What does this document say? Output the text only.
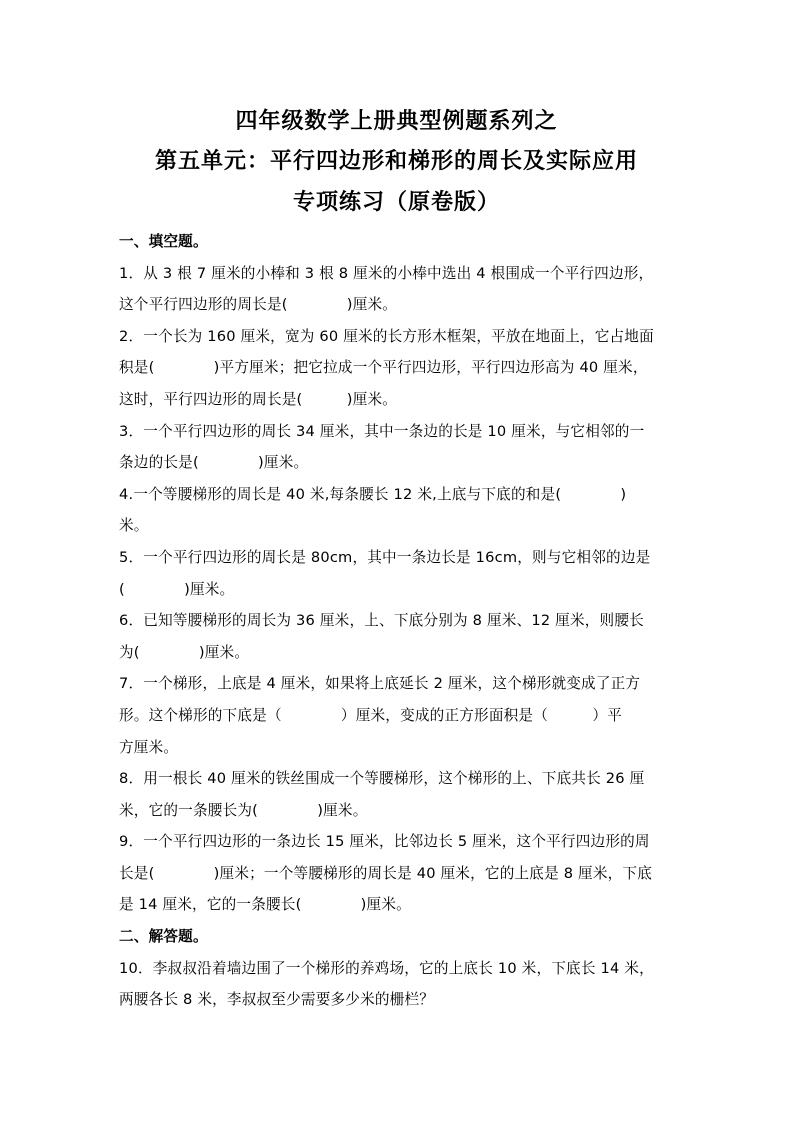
四年级数学上册典型例题系列之
第五单元：平行四边形和梯形的周长及实际应用
专项练习（原卷版）
一、填空题。
1．从 3 根 7 厘米的小棒和 3 根 8 厘米的小棒中选出 4 根围成一个平行四边形，
这个平行四边形的周长是(　　　　)厘米。
2．一个长为 160 厘米，宽为 60 厘米的长方形木框架，平放在地面上，它占地面
积是(　　　　)平方厘米；把它拉成一个平行四边形，平行四边形高为 40 厘米，
这时，平行四边形的周长是(　　　)厘米。
3．一个平行四边形的周长 34 厘米，其中一条边的长是 10 厘米，与它相邻的一
条边的长是(　　　　)厘米。
4.一个等腰梯形的周长是 40 米,每条腰长 12 米,上底与下底的和是(　　　　)
米。
5．一个平行四边形的周长是 80cm，其中一条边长是 16cm，则与它相邻的边是
(　　　　)厘米。
6．已知等腰梯形的周长为 36 厘米，上、下底分别为 8 厘米、12 厘米，则腰长
为(　　　　)厘米。
7．一个梯形，上底是 4 厘米，如果将上底延长 2 厘米，这个梯形就变成了正方
形。这个梯形的下底是（　　　　）厘米，变成的正方形面积是（　　　）平
方厘米。
8．用一根长 40 厘米的铁丝围成一个等腰梯形，这个梯形的上、下底共长 26 厘
米，它的一条腰长为(　　　　)厘米。
9．一个平行四边形的一条边长 15 厘米，比邻边长 5 厘米，这个平行四边形的周
长是(　　　　)厘米；一个等腰梯形的周长是 40 厘米，它的上底是 8 厘米，下底
是 14 厘米，它的一条腰长(　　　　)厘米。
二、解答题。
10．李叔叔沿着墙边围了一个梯形的养鸡场，它的上底长 10 米，下底长 14 米，
两腰各长 8 米，李叔叔至少需要多少米的栅栏？
